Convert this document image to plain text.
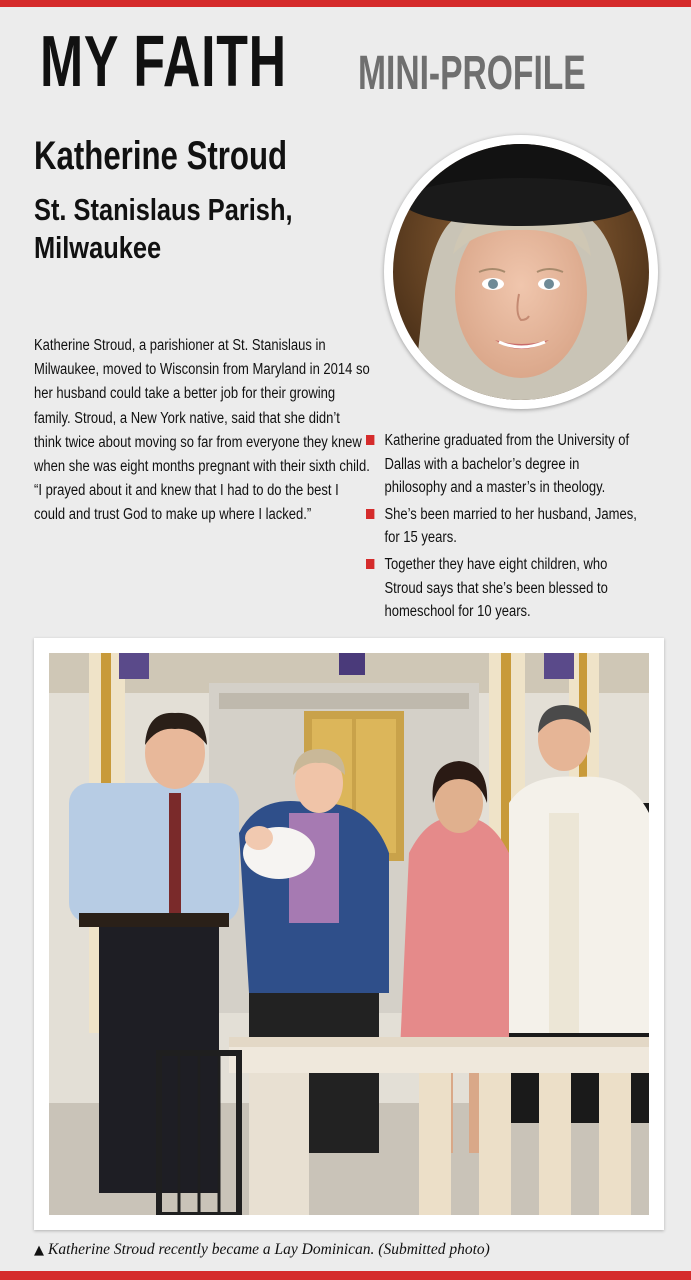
MY FAITH MINI-PROFILE
Katherine Stroud
St. Stanislaus Parish, Milwaukee
Katherine Stroud, a parishioner at St. Stanislaus in Milwaukee, moved to Wisconsin from Maryland in 2014 so her husband could take a better job for their growing family. Stroud, a New York native, said that she didn’t think twice about moving so far from everyone they knew when she was eight months pregnant with their sixth child. “I prayed about it and knew that I had to do the best I could and trust God to make up where I lacked.”
Katherine graduated from the University of Dallas with a bachelor’s degree in philosophy and a master’s in theology.
She’s been married to her husband, James, for 15 years.
Together they have eight children, who Stroud says that she’s been blessed to homeschool for 10 years.
▲ Katherine Stroud recently became a Lay Dominican. (Submitted photo)
